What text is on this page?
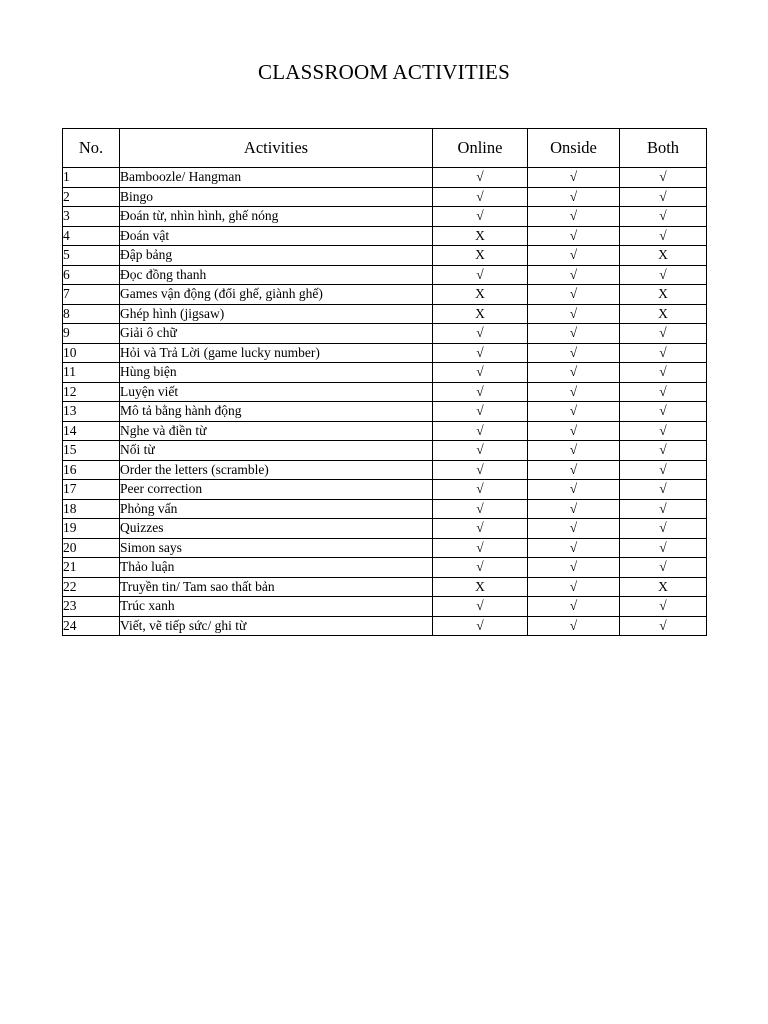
CLASSROOM ACTIVITIES
No.	Activities	Online	Onside	Both
1	Bamboozle/ Hangman	√	√	√
2	Bingo	√	√	√
3	Đoán từ, nhìn hình, ghế nóng	√	√	√
4	Đoán vật	X	√	√
5	Đập bảng	X	√	X
6	Đọc đồng thanh	√	√	√
7	Games vận động (đổi ghế, giành ghế)	X	√	X
8	Ghép hình (jigsaw)	X	√	X
9	Giải ô chữ	√	√	√
10	Hỏi và Trả Lời (game lucky number)	√	√	√
11	Hùng biện	√	√	√
12	Luyện viết	√	√	√
13	Mô tả bằng hành động	√	√	√
14	Nghe và điền từ	√	√	√
15	Nối từ	√	√	√
16	Order the letters (scramble)	√	√	√
17	Peer correction	√	√	√
18	Phỏng vấn	√	√	√
19	Quizzes	√	√	√
20	Simon says	√	√	√
21	Thảo luận	√	√	√
22	Truyền tin/ Tam sao thất bản	X	√	X
23	Trúc xanh	√	√	√
24	Viết, vẽ tiếp sức/ ghi từ	√	√	√
